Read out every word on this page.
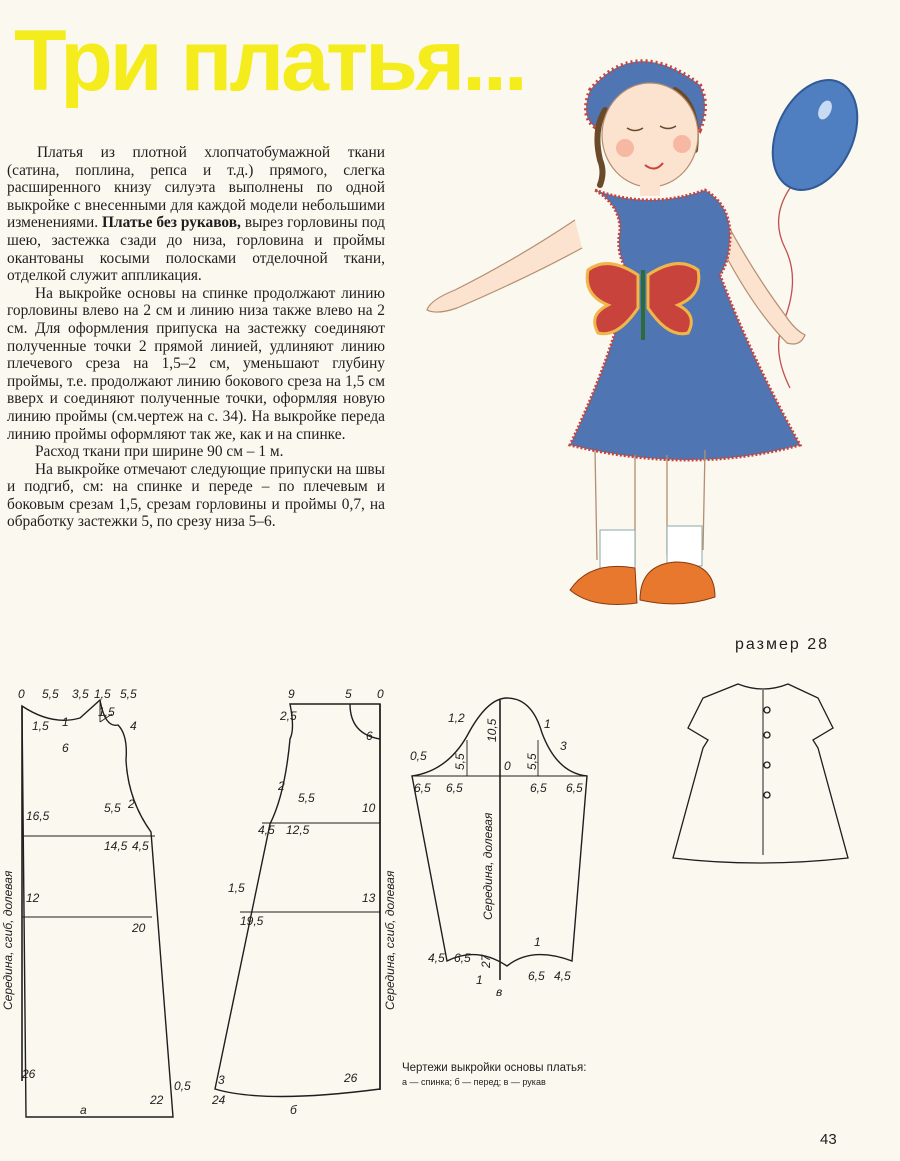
Три платья...

Платья из плотной хлопчатобумажной ткани (сатина, поплина, репса и т.д.) прямого, слегка расширенного книзу силуэта выполнены по одной выкройке с внесенными для каждой модели небольшими изменениями. Платье без рукавов, вырез горловины под шею, застежка сзади до низа, горловина и проймы окантованы косыми полосками отделочной ткани, отделкой служит аппликация.

На выкройке основы на спинке продолжают линию горловины влево на 2 см и линию низа также влево на 2 см. Для оформления припуска на застежку соединяют полученные точки 2 прямой линией, удлиняют линию плечевого среза на 1,5–2 см, уменьшают глубину проймы, т.е. продолжают линию бокового среза на 1,5 см вверх и соединяют полученные точки, оформляя новую линию проймы (см.чертеж на с. 34). На выкройке переда линию проймы оформляют так же, как и на спинке.

Расход ткани при ширине 90 см – 1 м.

На выкройке отмечают следующие припуски на швы и подгиб, см: на спинке и переде – по плечевым и боковым срезам 1,5, срезам горловины и проймы 0,7, на обработку застежки 5, по срезу низа 5–6.

размер 28
0 5,5 3,5 1,5 5,5
1,5 1
6
1,5
4
5,5 2
16,5
14,5 4,5
12
20
26
22
0,5
а
Середина, сгиб, долевая
9	5 0
2,5
6
2
5,5
10
4,5 12,5
1,5
13
19,5
3	26
24
б
Середина, сгиб, долевая
1,2
10,5	1
0,5 5,5	5,5
3
0
6,5 6,5	6,5 6,5
27
1
4,5 6,5
1	6,5 4,5
в
Середина, долевая
Чертежи выкройки основы платья:
а — спинка; б — перед; в — рукав
43
